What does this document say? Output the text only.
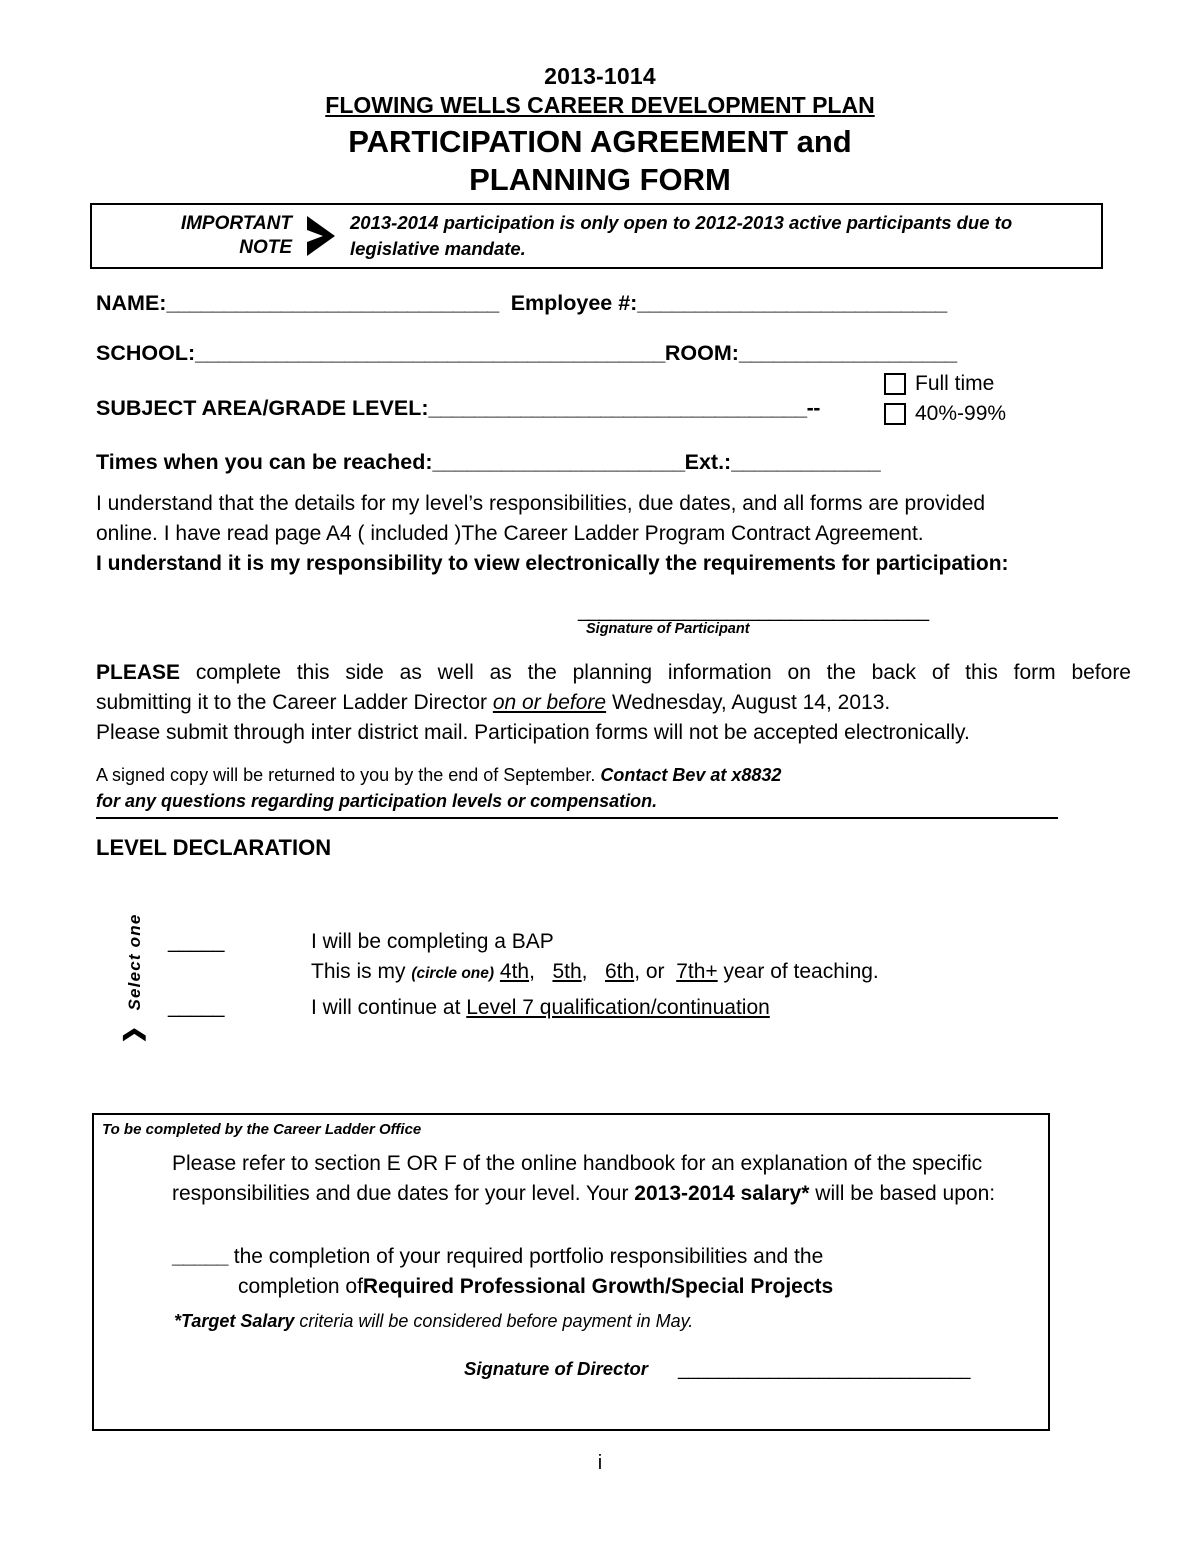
2013-1014
FLOWING WELLS CAREER DEVELOPMENT PLAN
PARTICIPATION AGREEMENT and
PLANNING FORM
IMPORTANT
NOTE
2013-2014 participation is only open to 2012-2013 active participants due to legislative mandate.
NAME:_____________________________ Employee #:___________________________
SCHOOL:_________________________________________ROOM:___________________
SUBJECT AREA/GRADE LEVEL:_________________________________--
Full time
40%-99%
Times when you can be reached:______________________Ext.:_____________
I understand that the details for my level’s responsibilities, due dates, and all forms are provided
online. I have read page A4 ( included )The Career Ladder Program Contract Agreement.
I understand it is my responsibility to view electronically the requirements for participation:
_________________________________
Signature of Participant
PLEASE complete this side as well as the planning information on the back of this form before
submitting it to the Career Ladder Director on or before Wednesday, August 14, 2013.
Please submit through inter district mail. Participation forms will not be accepted electronically.
A signed copy will be returned to you by the end of September. Contact Bev at x8832
for any questions regarding participation levels or compensation.
LEVEL DECLARATION
Select one
❯
_____	I will be completing a BAP
This is my (circle one) 4th,   5th,   6th, or  7th+ year of teaching.
_____	I will continue at Level 7 qualification/continuation
To be completed by the Career Ladder Office
Please refer to section E OR F of the online handbook for an explanation of the specific responsibilities and due dates for your level. Your 2013-2014 salary* will be based upon:
_____ the completion of your required portfolio responsibilities and the
completion ofRequired Professional Growth/Special Projects
*Target Salary criteria will be considered before payment in May.
Signature of Director _____________________________
i
